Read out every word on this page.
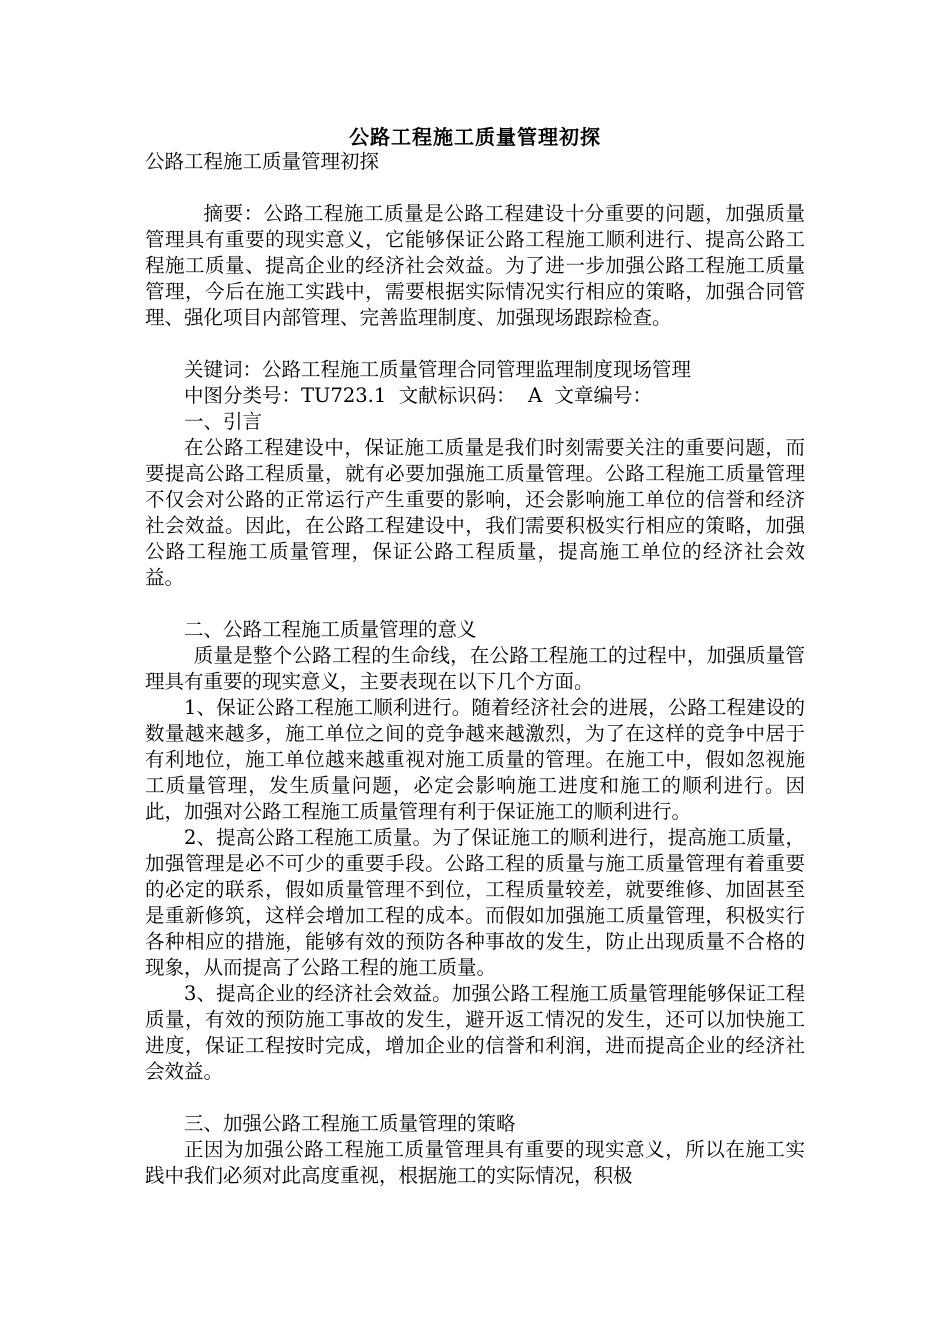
公路工程施工质量管理初探

公路工程施工质量管理初探

摘要：公路工程施工质量是公路工程建设十分重要的问题，加强质量管理具有重要的现实意义，它能够保证公路工程施工顺利进行、提高公路工程施工质量、提高企业的经济社会效益。为了进一步加强公路工程施工质量管理，今后在施工实践中，需要根据实际情况实行相应的策略，加强合同管理、强化项目内部管理、完善监理制度、加强现场跟踪检查。

关键词：公路工程施工质量管理合同管理监理制度现场管理

中图分类号：TU723.1  文献标识码：  A  文章编号：

一、引言

在公路工程建设中，保证施工质量是我们时刻需要关注的重要问题，而要提高公路工程质量，就有必要加强施工质量管理。公路工程施工质量管理不仅会对公路的正常运行产生重要的影响，还会影响施工单位的信誉和经济社会效益。因此，在公路工程建设中，我们需要积极实行相应的策略，加强公路工程施工质量管理，保证公路工程质量，提高施工单位的经济社会效益。

二、公路工程施工质量管理的意义

质量是整个公路工程的生命线，在公路工程施工的过程中，加强质量管理具有重要的现实意义，主要表现在以下几个方面。

1、保证公路工程施工顺利进行。随着经济社会的进展，公路工程建设的数量越来越多，施工单位之间的竞争越来越激烈，为了在这样的竞争中居于有利地位，施工单位越来越重视对施工质量的管理。在施工中，假如忽视施工质量管理，发生质量问题，必定会影响施工进度和施工的顺利进行。因此，加强对公路工程施工质量管理有利于保证施工的顺利进行。

2、提高公路工程施工质量。为了保证施工的顺利进行，提高施工质量，加强管理是必不可少的重要手段。公路工程的质量与施工质量管理有着重要的必定的联系，假如质量管理不到位，工程质量较差，就要维修、加固甚至是重新修筑，这样会增加工程的成本。而假如加强施工质量管理，积极实行各种相应的措施，能够有效的预防各种事故的发生，防止出现质量不合格的现象，从而提高了公路工程的施工质量。

3、提高企业的经济社会效益。加强公路工程施工质量管理能够保证工程质量，有效的预防施工事故的发生，避开返工情况的发生，还可以加快施工进度，保证工程按时完成，增加企业的信誉和利润，进而提高企业的经济社会效益。

三、加强公路工程施工质量管理的策略

正因为加强公路工程施工质量管理具有重要的现实意义，所以在施工实践中我们必须对此高度重视，根据施工的实际情况，积极
